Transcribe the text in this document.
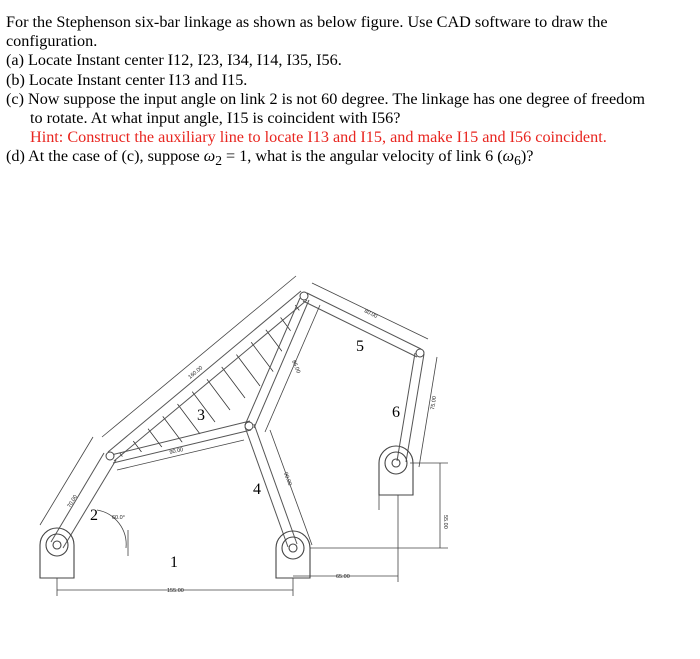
For the Stephenson six-bar linkage as shown as below figure. Use CAD software to draw the
configuration.
(a) Locate Instant center I12, I23, I34, I14, I35, I56.
(b) Locate Instant center I13 and I15.
(c) Now suppose the input angle on link 2 is not 60 degree. The linkage has one degree of freedom
to rotate. At what input angle, I15 is coincident with I56?
Hint: Construct the auxiliary line to locate I13 and I15, and make I15 and I56 coincident.
(d) At the case of (c), suppose $\omega_2 = 1$, what is the angular velocity of link 6 $(\omega_6)$?
70.00
60.0°
160.00
90.00
85.00
90.00
80.00
75.00
55.00
155.00
65.00
1
2
3
4
5
6
